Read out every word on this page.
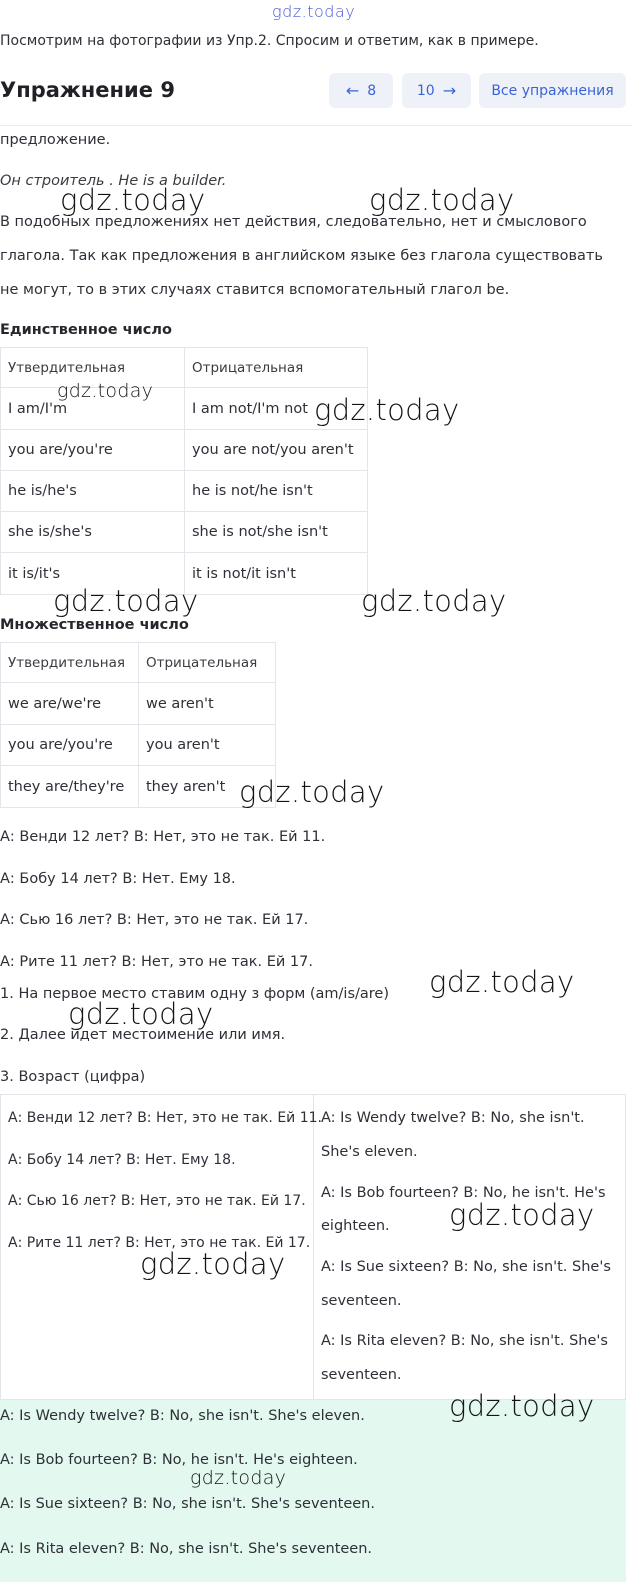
gdz.today
Посмотрим на фотографии из Упр.2. Спросим и ответим, как в примере.
Упражнение 9	← 8	10 →	Все упражнения
предложение.
Он строитель . He is a builder.
В подобных предложениях нет действия, следовательно, нет и смыслового
глагола. Так как предложения в английском языке без глагола существовать
не могут, то в этих случаях ставится вспомогательный глагол be.
Единственное число
Утвердительная	Отрицательная
I am/I'm	I am not/I'm not
you are/you're	you are not/you aren't
he is/he's	he is not/he isn't
she is/she's	she is not/she isn't
it is/it's	it is not/it isn't
Множественное число
Утвердительная	Отрицательная
we are/we're	we aren't
you are/you're	you aren't
they are/they're	they aren't
А: Венди 12 лет? В: Нет, это не так. Ей 11.
А: Бобу 14 лет? В: Нет. Ему 18.
А: Сью 16 лет? В: Нет, это не так. Ей 17.
А: Рите 11 лет? В: Нет, это не так. Ей 17.
1. На первое место ставим одну з форм (am/is/are)
2. Далее идет местоимение или имя.
3. Возраст (цифра)
А: Венди 12 лет? В: Нет, это не так. Ей 11.
А: Бобу 14 лет? В: Нет. Ему 18.
А: Сью 16 лет? В: Нет, это не так. Ей 17.
А: Рите 11 лет? В: Нет, это не так. Ей 17.
A: Is Wendy twelve? B: No, she isn't.
She's eleven.
A: Is Bob fourteen? B: No, he isn't. He's
eighteen.
A: Is Sue sixteen? B: No, she isn't. She's
seventeen.
A: Is Rita eleven? B: No, she isn't. She's
seventeen.
A: Is Wendy twelve? B: No, she isn't. She's eleven.
A: Is Bob fourteen? B: No, he isn't. He's eighteen.
A: Is Sue sixteen? B: No, she isn't. She's seventeen.
A: Is Rita eleven? B: No, she isn't. She's seventeen.
gdz.today	gdz.today
gdz.today
gdz.today
gdz.today	gdz.today
gdz.today
gdz.today
gdz.today
gdz.today
gdz.today
gdz.today
gdz.today
